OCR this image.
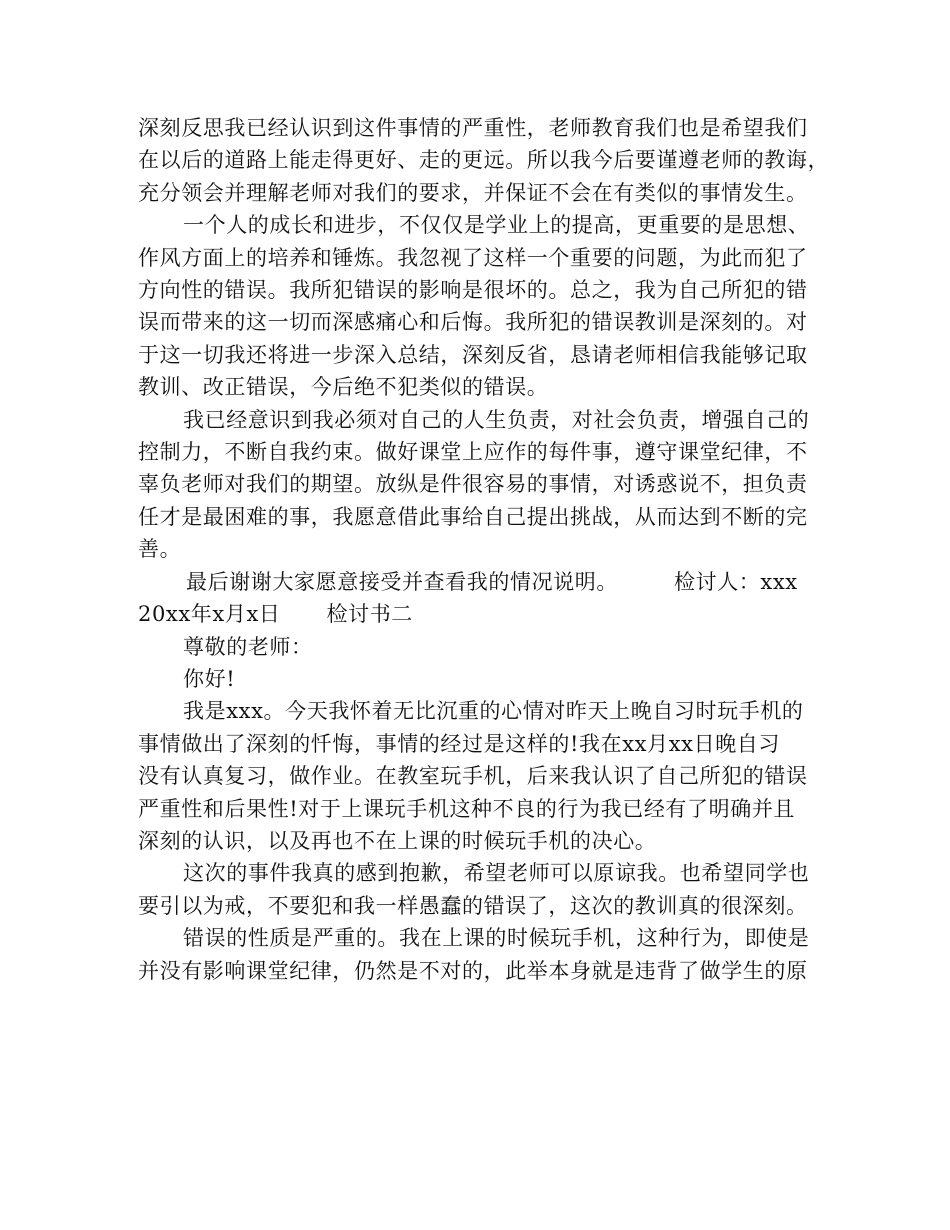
深刻反思我已经认识到这件事情的严重性，老师教育我们也是希望我们

在以后的道路上能走得更好、走的更远。所以我今后要谨遵老师的教诲，

充分领会并理解老师对我们的要求，并保证不会在有类似的事情发生。

一个人的成长和进步，不仅仅是学业上的提高，更重要的是思想、

作风方面上的培养和锤炼。我忽视了这样一个重要的问题，为此而犯了

方向性的错误。我所犯错误的影响是很坏的。总之，我为自己所犯的错

误而带来的这一切而深感痛心和后悔。我所犯的错误教训是深刻的。对

于这一切我还将进一步深入总结，深刻反省，恳请老师相信我能够记取

教训、改正错误，今后绝不犯类似的错误。

我已经意识到我必须对自己的人生负责，对社会负责，增强自己的

控制力，不断自我约束。做好课堂上应作的每件事，遵守课堂纪律，不

辜负老师对我们的期望。放纵是件很容易的事情，对诱惑说不，担负责

任才是最困难的事，我愿意借此事给自己提出挑战，从而达到不断的完

善。

最后谢谢大家愿意接受并查看我的情况说明。	检讨人：xxx

20xx年x月x日 检讨书二

尊敬的老师：

你好!

我是xxx。今天我怀着无比沉重的心情对昨天上晚自习时玩手机的

事情做出了深刻的忏悔，事情的经过是这样的!我在xx月xx日晚自习

没有认真复习，做作业。在教室玩手机，后来我认识了自己所犯的错误

严重性和后果性!对于上课玩手机这种不良的行为我已经有了明确并且

深刻的认识，以及再也不在上课的时候玩手机的决心。

这次的事件我真的感到抱歉，希望老师可以原谅我。也希望同学也

要引以为戒，不要犯和我一样愚蠢的错误了，这次的教训真的很深刻。

错误的性质是严重的。我在上课的时候玩手机，这种行为，即使是

并没有影响课堂纪律，仍然是不对的，此举本身就是违背了做学生的原
